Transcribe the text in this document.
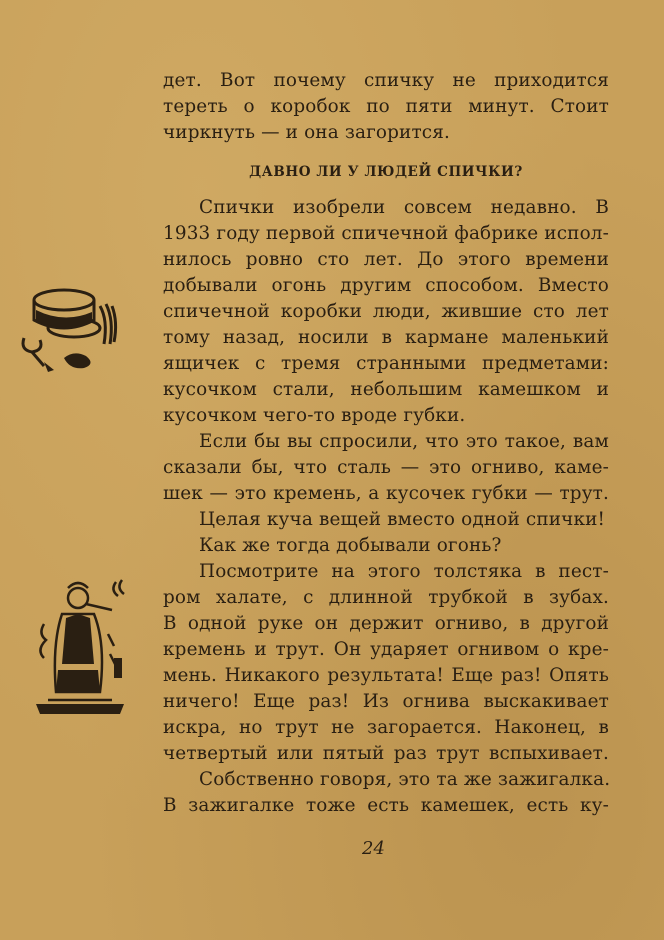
дет. Вот почему спичку не приходится
тереть о коробок по пяти минут. Стоит
чиркнуть — и она загорится.
ДАВНО ЛИ У ЛЮДЕЙ СПИЧКИ?
Спички изобрели совсем недавно. В
1933 году первой спичечной фабрике испол-
нилось ровно сто лет. До этого времени
добывали огонь другим способом. Вместо
спичечной коробки люди, жившие сто лет
тому назад, носили в кармане маленький
ящичек с тремя странными предметами:
кусочком стали, небольшим камешком и
кусочком чего-то вроде губки.
Если бы вы спросили, что это такое, вам
сказали бы, что сталь — это огниво, каме-
шек — это кремень, а кусочек губки — трут.
Целая куча вещей вместо одной спички!
Как же тогда добывали огонь?
Посмотрите на этого толстяка в пест-
ром халате, с длинной трубкой в зубах.
В одной руке он держит огниво, в другой
кремень и трут. Он ударяет огнивом о кре-
мень. Никакого результата! Еще раз! Опять
ничего! Еще раз! Из огнива выскакивает
искра, но трут не загорается. Наконец, в
четвертый или пятый раз трут вспыхивает.
Собственно говоря, это та же зажигалка.
В зажигалке тоже есть камешек, есть ку-
24
